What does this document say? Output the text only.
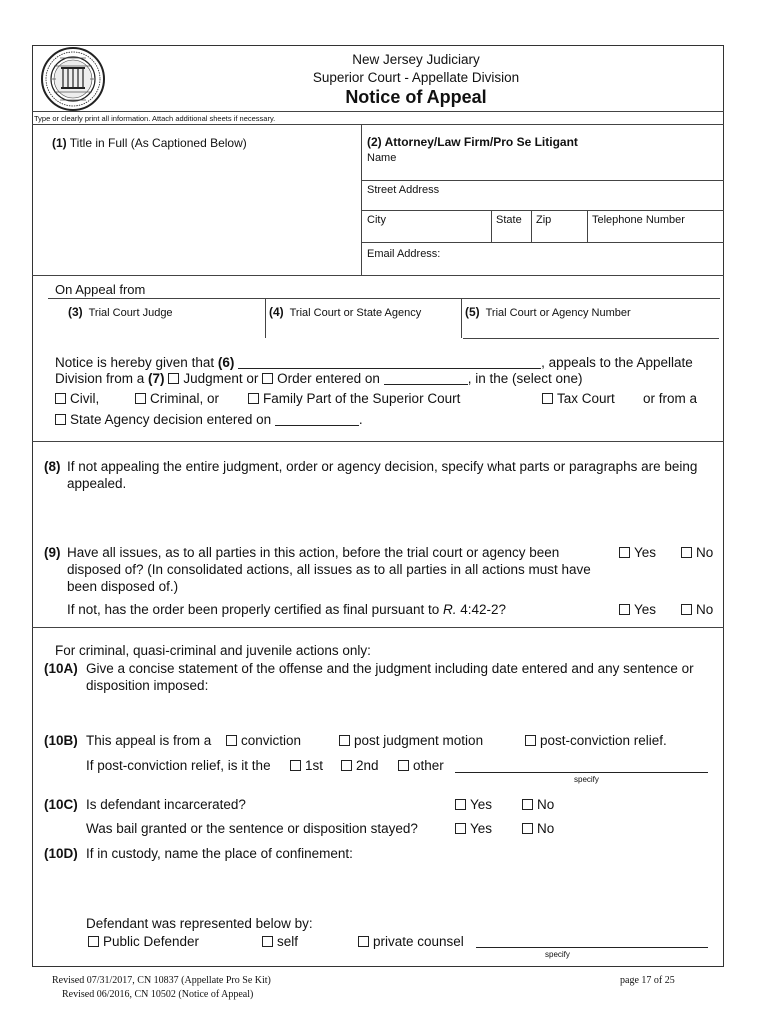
New Jersey Judiciary
Superior Court - Appellate Division
Notice of Appeal
Type or clearly print all information. Attach additional sheets if necessary.
(1) Title in Full (As Captioned Below)	(2) Attorney/Law Firm/Pro Se Litigant
Name
Street Address
City	State Zip	Telephone Number
Email Address:
On Appeal from
(3) Trial Court Judge	(4) Trial Court or State Agency	(5) Trial Court or Agency Number
Notice is hereby given that (6)	, appeals to the Appellate
Division from a (7) Judgment or Order entered on	, in the (select one)
Civil,	Criminal, or	Family Part of the Superior Court	Tax Court or from a
State Agency decision entered on	.
(8) If not appealing the entire judgment, order or agency decision, specify what parts or paragraphs are being
appealed.
(9) Have all issues, as to all parties in this action, before the trial court or agency been
disposed of? (In consolidated actions, all issues as to all parties in all actions must have
been disposed of.)
Yes	No
If not, has the order been properly certified as final pursuant to R. 4:42-2?	Yes	No
For criminal, quasi-criminal and juvenile actions only:
(10A) Give a concise statement of the offense and the judgment including date entered and any sentence or
disposition imposed:
(10B) This appeal is from a	conviction	post judgment motion	post-conviction relief.
If post-conviction relief, is it the	1st	2nd	other
specify
(10C) Is defendant incarcerated?	Yes	No
Was bail granted or the sentence or disposition stayed?	Yes	No
(10D) If in custody, name the place of confinement:
Defendant was represented below by:
Public Defender	self	private counsel
specify
Revised 07/31/2017, CN 10837 (Appellate Pro Se Kit)
Revised 06/2016, CN 10502 (Notice of Appeal)
page 17 of 25
